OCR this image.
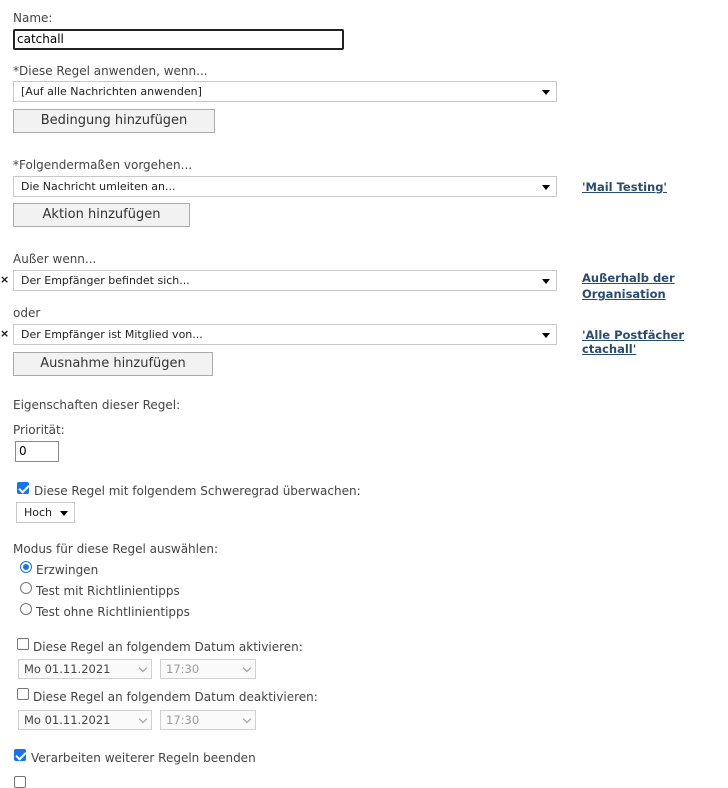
Name:
catchall
*Diese Regel anwenden, wenn...
[Auf alle Nachrichten anwenden]
Bedingung hinzufügen
*Folgendermaßen vorgehen...
Die Nachricht umleiten an...	'Mail Testing'
Aktion hinzufügen
Außer wenn...
×	Der Empfänger befindet sich...	Außerhalb der
Organisation
oder
×	Der Empfänger ist Mitglied von...	'Alle Postfächer ctachall'
Ausnahme hinzufügen
Eigenschaften dieser Regel:
Priorität:
0
Diese Regel mit folgendem Schweregrad überwachen:
Hoch
Modus für diese Regel auswählen:
Erzwingen
Test mit Richtlinientipps
Test ohne Richtlinientipps
Diese Regel an folgendem Datum aktivieren:
Mo 01.11.2021	17:30
Diese Regel an folgendem Datum deaktivieren:
Mo 01.11.2021	17:30
Verarbeiten weiterer Regeln beenden
